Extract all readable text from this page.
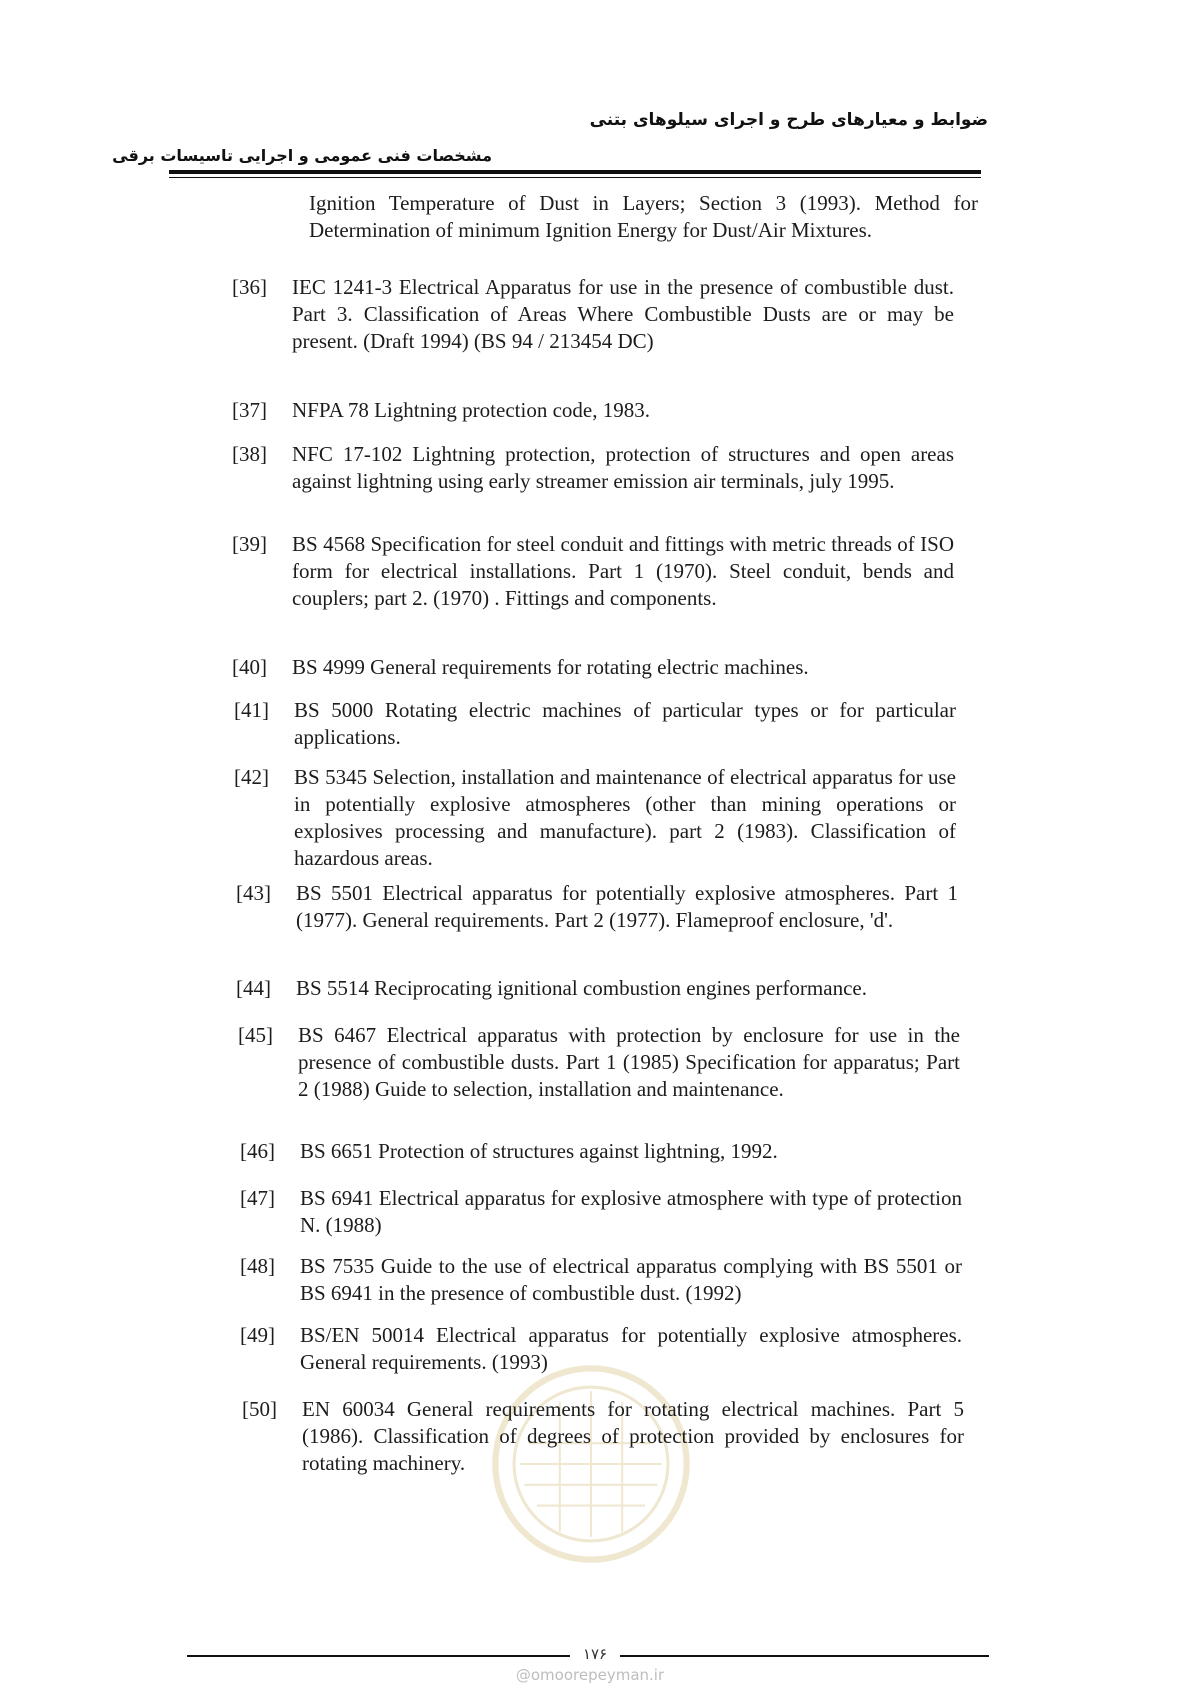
ضوابط و معیارهای طرح و اجرای سیلوهای بتنی

مشخصات فنی عمومی و اجرایی تاسیسات برقی

Ignition Temperature of Dust in Layers; Section 3 (1993). Method for Determination of minimum Ignition Energy for Dust/Air Mixtures.

[36] IEC 1241-3 Electrical Apparatus for use in the presence of combustible dust. Part 3. Classification of Areas Where Combustible Dusts are or may be present. (Draft 1994) (BS 94 / 213454 DC)

[37] NFPA 78 Lightning protection code, 1983.

[38] NFC 17-102 Lightning protection, protection of structures and open areas against lightning using early streamer emission air terminals, july 1995.

[39] BS 4568 Specification for steel conduit and fittings with metric threads of ISO form for electrical installations. Part 1 (1970). Steel conduit, bends and couplers; part 2. (1970) . Fittings and components.

[40] BS 4999 General requirements for rotating electric machines.

[41] BS 5000 Rotating electric machines of particular types or for particular applications.

[42] BS 5345 Selection, installation and maintenance of electrical apparatus for use in potentially explosive atmospheres (other than mining operations or explosives processing and manufacture). part 2 (1983). Classification of hazardous areas.

[43] BS 5501 Electrical apparatus for potentially explosive atmospheres. Part 1 (1977). General requirements. Part 2 (1977). Flameproof enclosure, 'd'.

[44] BS 5514 Reciprocating ignitional combustion engines performance.

[45] BS 6467 Electrical apparatus with protection by enclosure for use in the presence of combustible dusts. Part 1 (1985) Specification for apparatus; Part 2 (1988) Guide to selection, installation and maintenance.

[46] BS 6651 Protection of structures against lightning, 1992.

[47] BS 6941 Electrical apparatus for explosive atmosphere with type of protection N. (1988)

[48] BS 7535 Guide to the use of electrical apparatus complying with BS 5501 or BS 6941 in the presence of combustible dust. (1992)

[49] BS/EN 50014 Electrical apparatus for potentially explosive atmospheres. General requirements. (1993)

[50] EN 60034 General requirements for rotating electrical machines. Part 5 (1986). Classification of degrees of protection provided by enclosures for rotating machinery.

۱۷۶
@omoorepeyman.ir
